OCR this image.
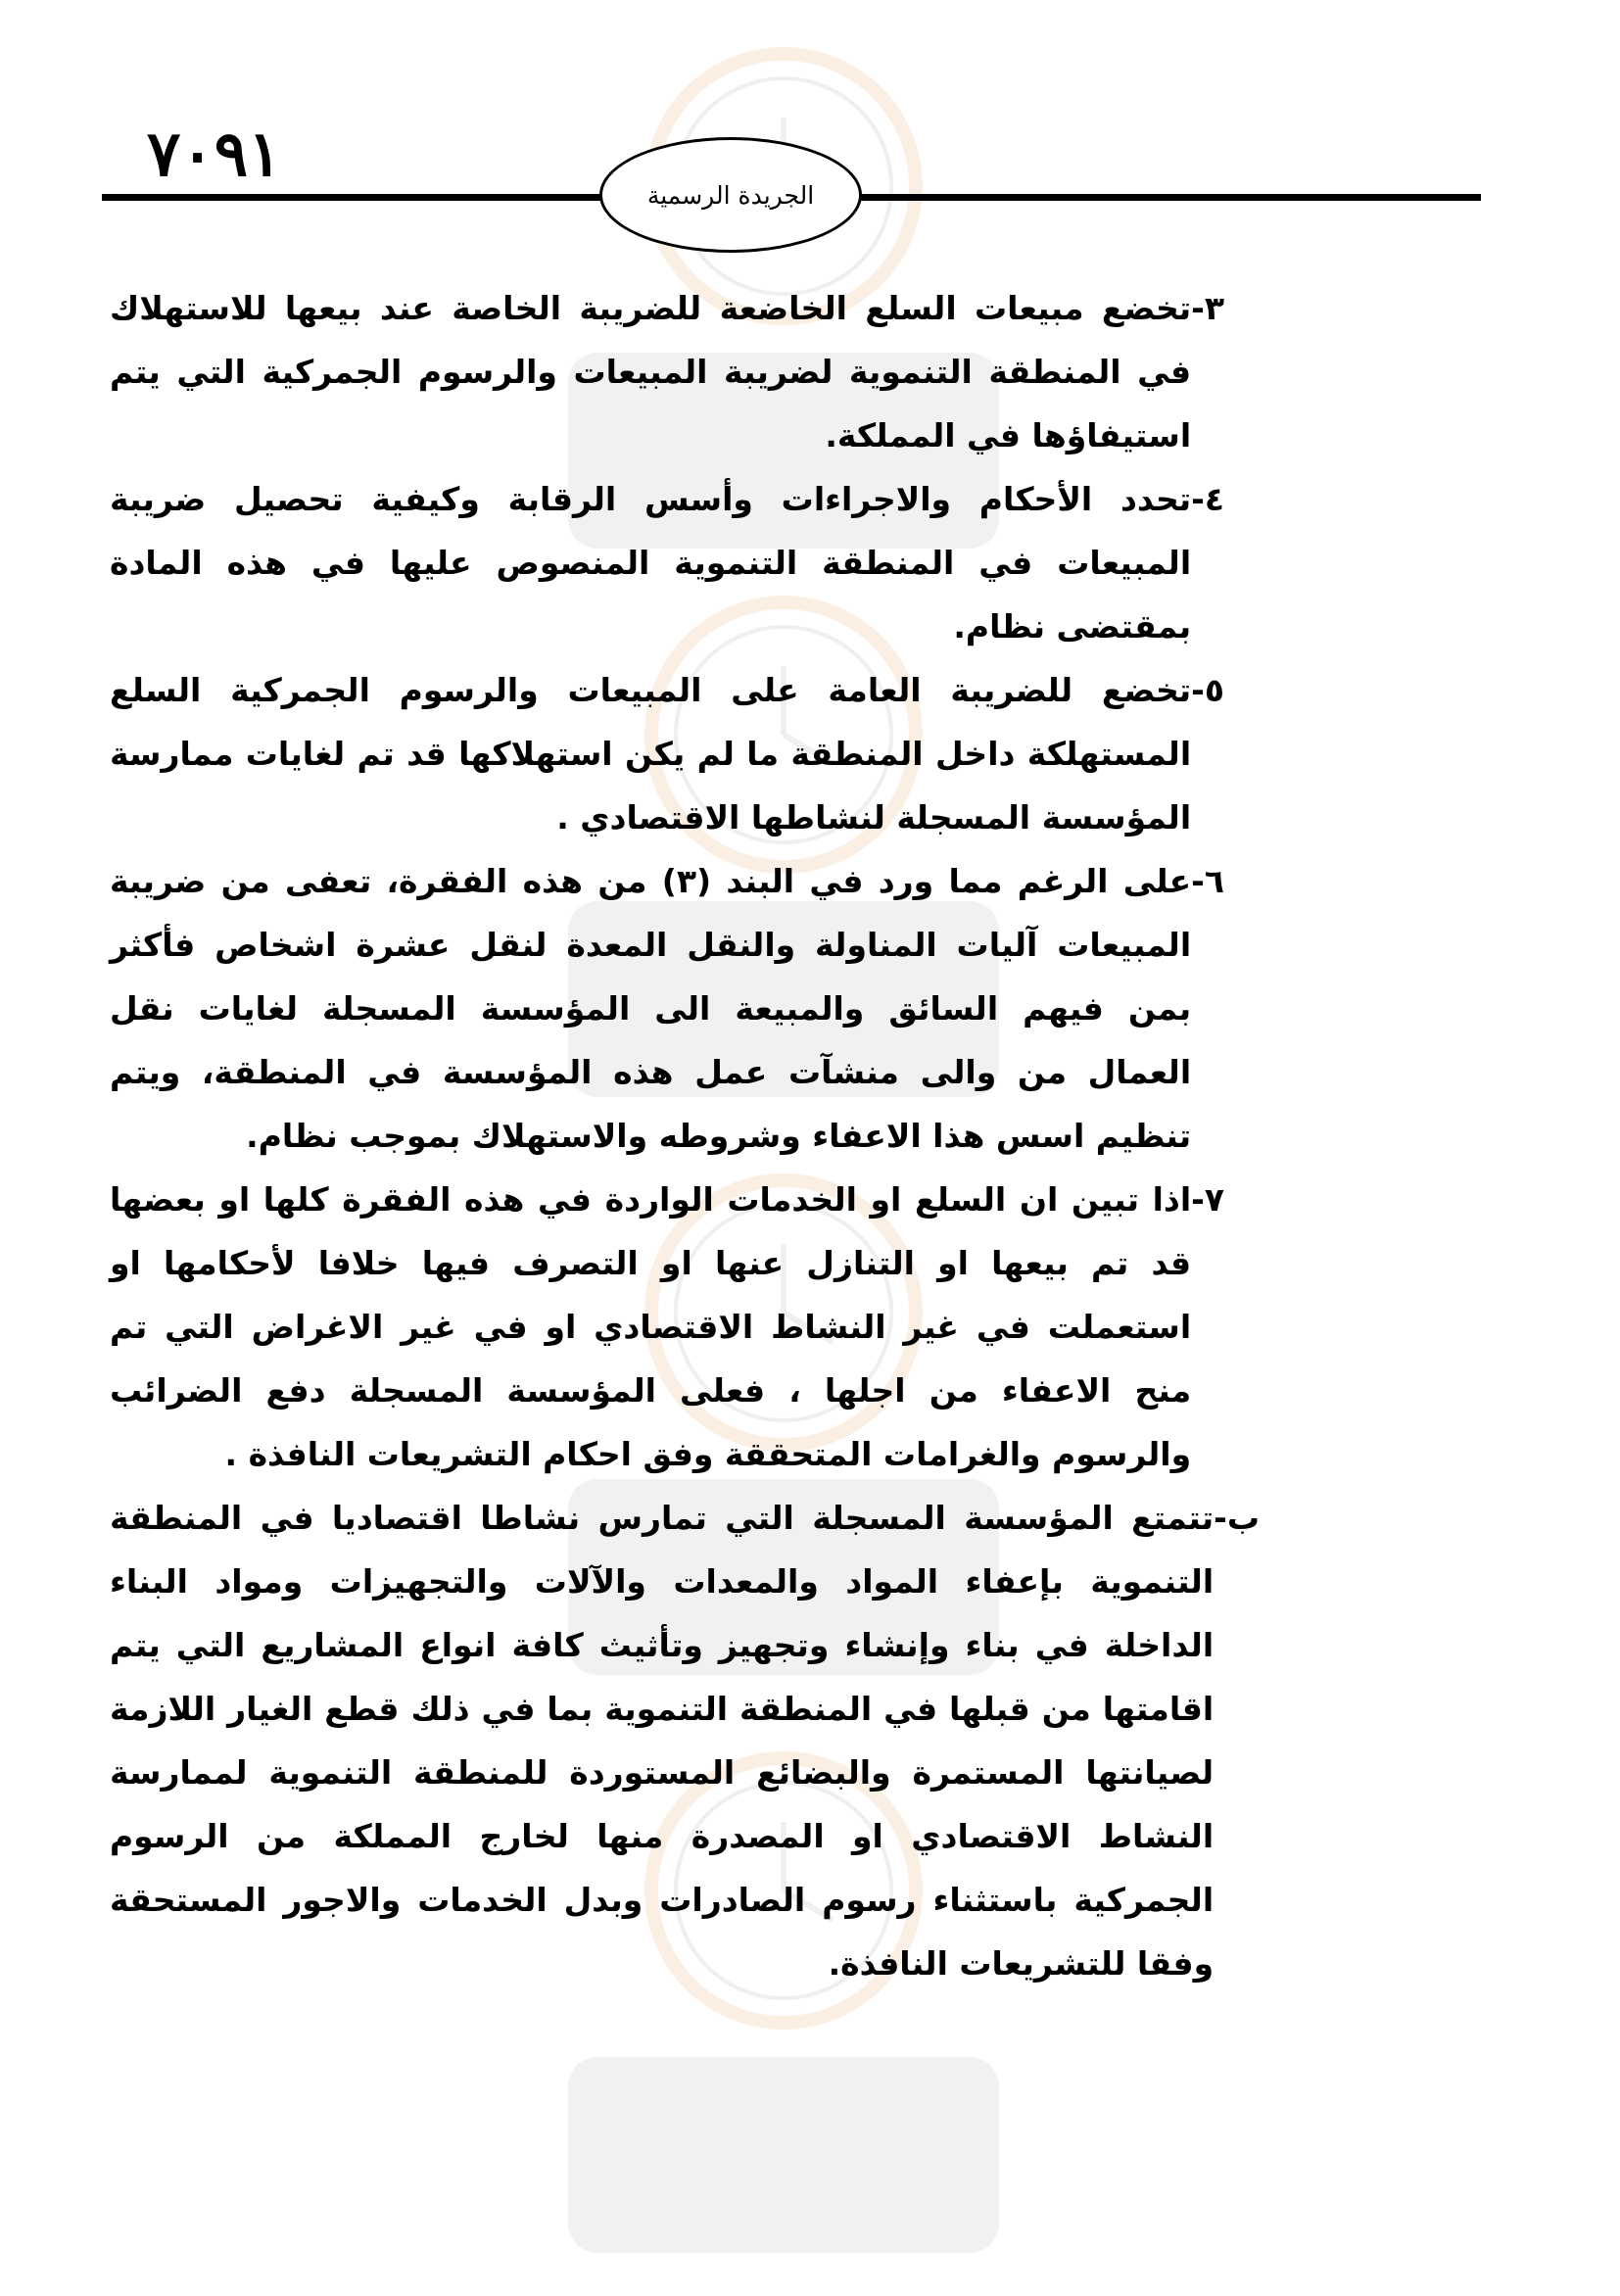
٧٠٩١
الجريدة الرسمية
٣-
تخضع مبيعات السلع الخاضعة للضريبة الخاصة عند بيعها للاستهلاك في المنطقة التنموية لضريبة المبيعات والرسوم الجمركية التي يتم استيفاؤها في المملكة.
٤-
تحدد الأحكام والاجراءات وأسس الرقابة وكيفية تحصيل ضريبة المبيعات في المنطقة التنموية المنصوص عليها في هذه المادة بمقتضى نظام.
٥-
تخضع للضريبة العامة على المبيعات والرسوم الجمركية السلع المستهلكة داخل المنطقة ما لم يكن استهلاكها قد تم لغايات ممارسة المؤسسة المسجلة لنشاطها الاقتصادي .
٦-
على الرغم مما ورد في البند (٣) من هذه الفقرة، تعفى من ضريبة المبيعات آليات المناولة والنقل المعدة لنقل عشرة اشخاص فأكثر بمن فيهم السائق والمبيعة الى المؤسسة المسجلة لغايات نقل العمال من والى منشآت عمل هذه المؤسسة في المنطقة، ويتم تنظيم اسس هذا الاعفاء وشروطه والاستهلاك بموجب نظام.
٧-
اذا تبين ان السلع او الخدمات الواردة في هذه الفقرة كلها او بعضها قد تم بيعها او التنازل عنها او التصرف فيها خلافا لأحكامها او استعملت في غير النشاط الاقتصادي او في غير الاغراض التي تم منح الاعفاء من اجلها ، فعلى المؤسسة المسجلة دفع الضرائب والرسوم والغرامات المتحققة وفق احكام التشريعات النافذة .
ب-
تتمتع المؤسسة المسجلة التي تمارس نشاطا اقتصاديا في المنطقة التنموية بإعفاء المواد والمعدات والآلات والتجهيزات ومواد البناء الداخلة في بناء وإنشاء وتجهيز وتأثيث كافة انواع المشاريع التي يتم اقامتها من قبلها في المنطقة التنموية بما في ذلك قطع الغيار اللازمة لصيانتها المستمرة والبضائع المستوردة للمنطقة التنموية لممارسة النشاط الاقتصادي او المصدرة منها لخارج المملكة من الرسوم الجمركية باستثناء رسوم الصادرات وبدل الخدمات والاجور المستحقة وفقا للتشريعات النافذة.
